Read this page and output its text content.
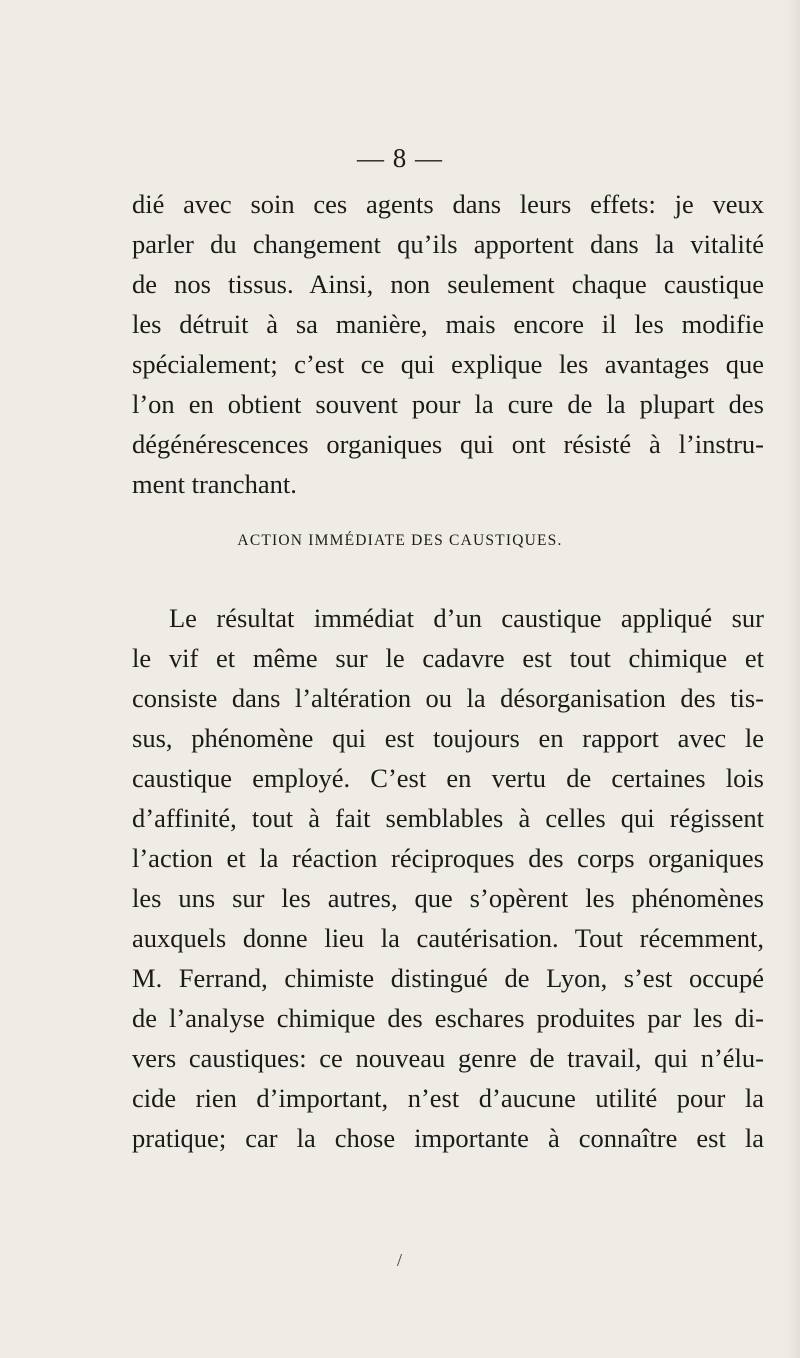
— 8 —
dié avec soin ces agents dans leurs effets: je veux
parler du changement qu’ils apportent dans la vitalité
de nos tissus. Ainsi, non seulement chaque caustique
les détruit à sa manière, mais encore il les modifie
spécialement; c’est ce qui explique les avantages que
l’on en obtient souvent pour la cure de la plupart des
dégénérescences organiques qui ont résisté à l’instru-
ment tranchant.
ACTION IMMÉDIATE DES CAUSTIQUES.
Le résultat immédiat d’un caustique appliqué sur
le vif et même sur le cadavre est tout chimique et
consiste dans l’altération ou la désorganisation des tis-
sus, phénomène qui est toujours en rapport avec le
caustique employé. C’est en vertu de certaines lois
d’affinité, tout à fait semblables à celles qui régissent
l’action et la réaction réciproques des corps organiques
les uns sur les autres, que s’opèrent les phénomènes
auxquels donne lieu la cautérisation. Tout récemment,
M. Ferrand, chimiste distingué de Lyon, s’est occupé
de l’analyse chimique des eschares produites par les di-
vers caustiques: ce nouveau genre de travail, qui n’élu-
cide rien d’important, n’est d’aucune utilité pour la
pratique; car la chose importante à connaître est la
/
